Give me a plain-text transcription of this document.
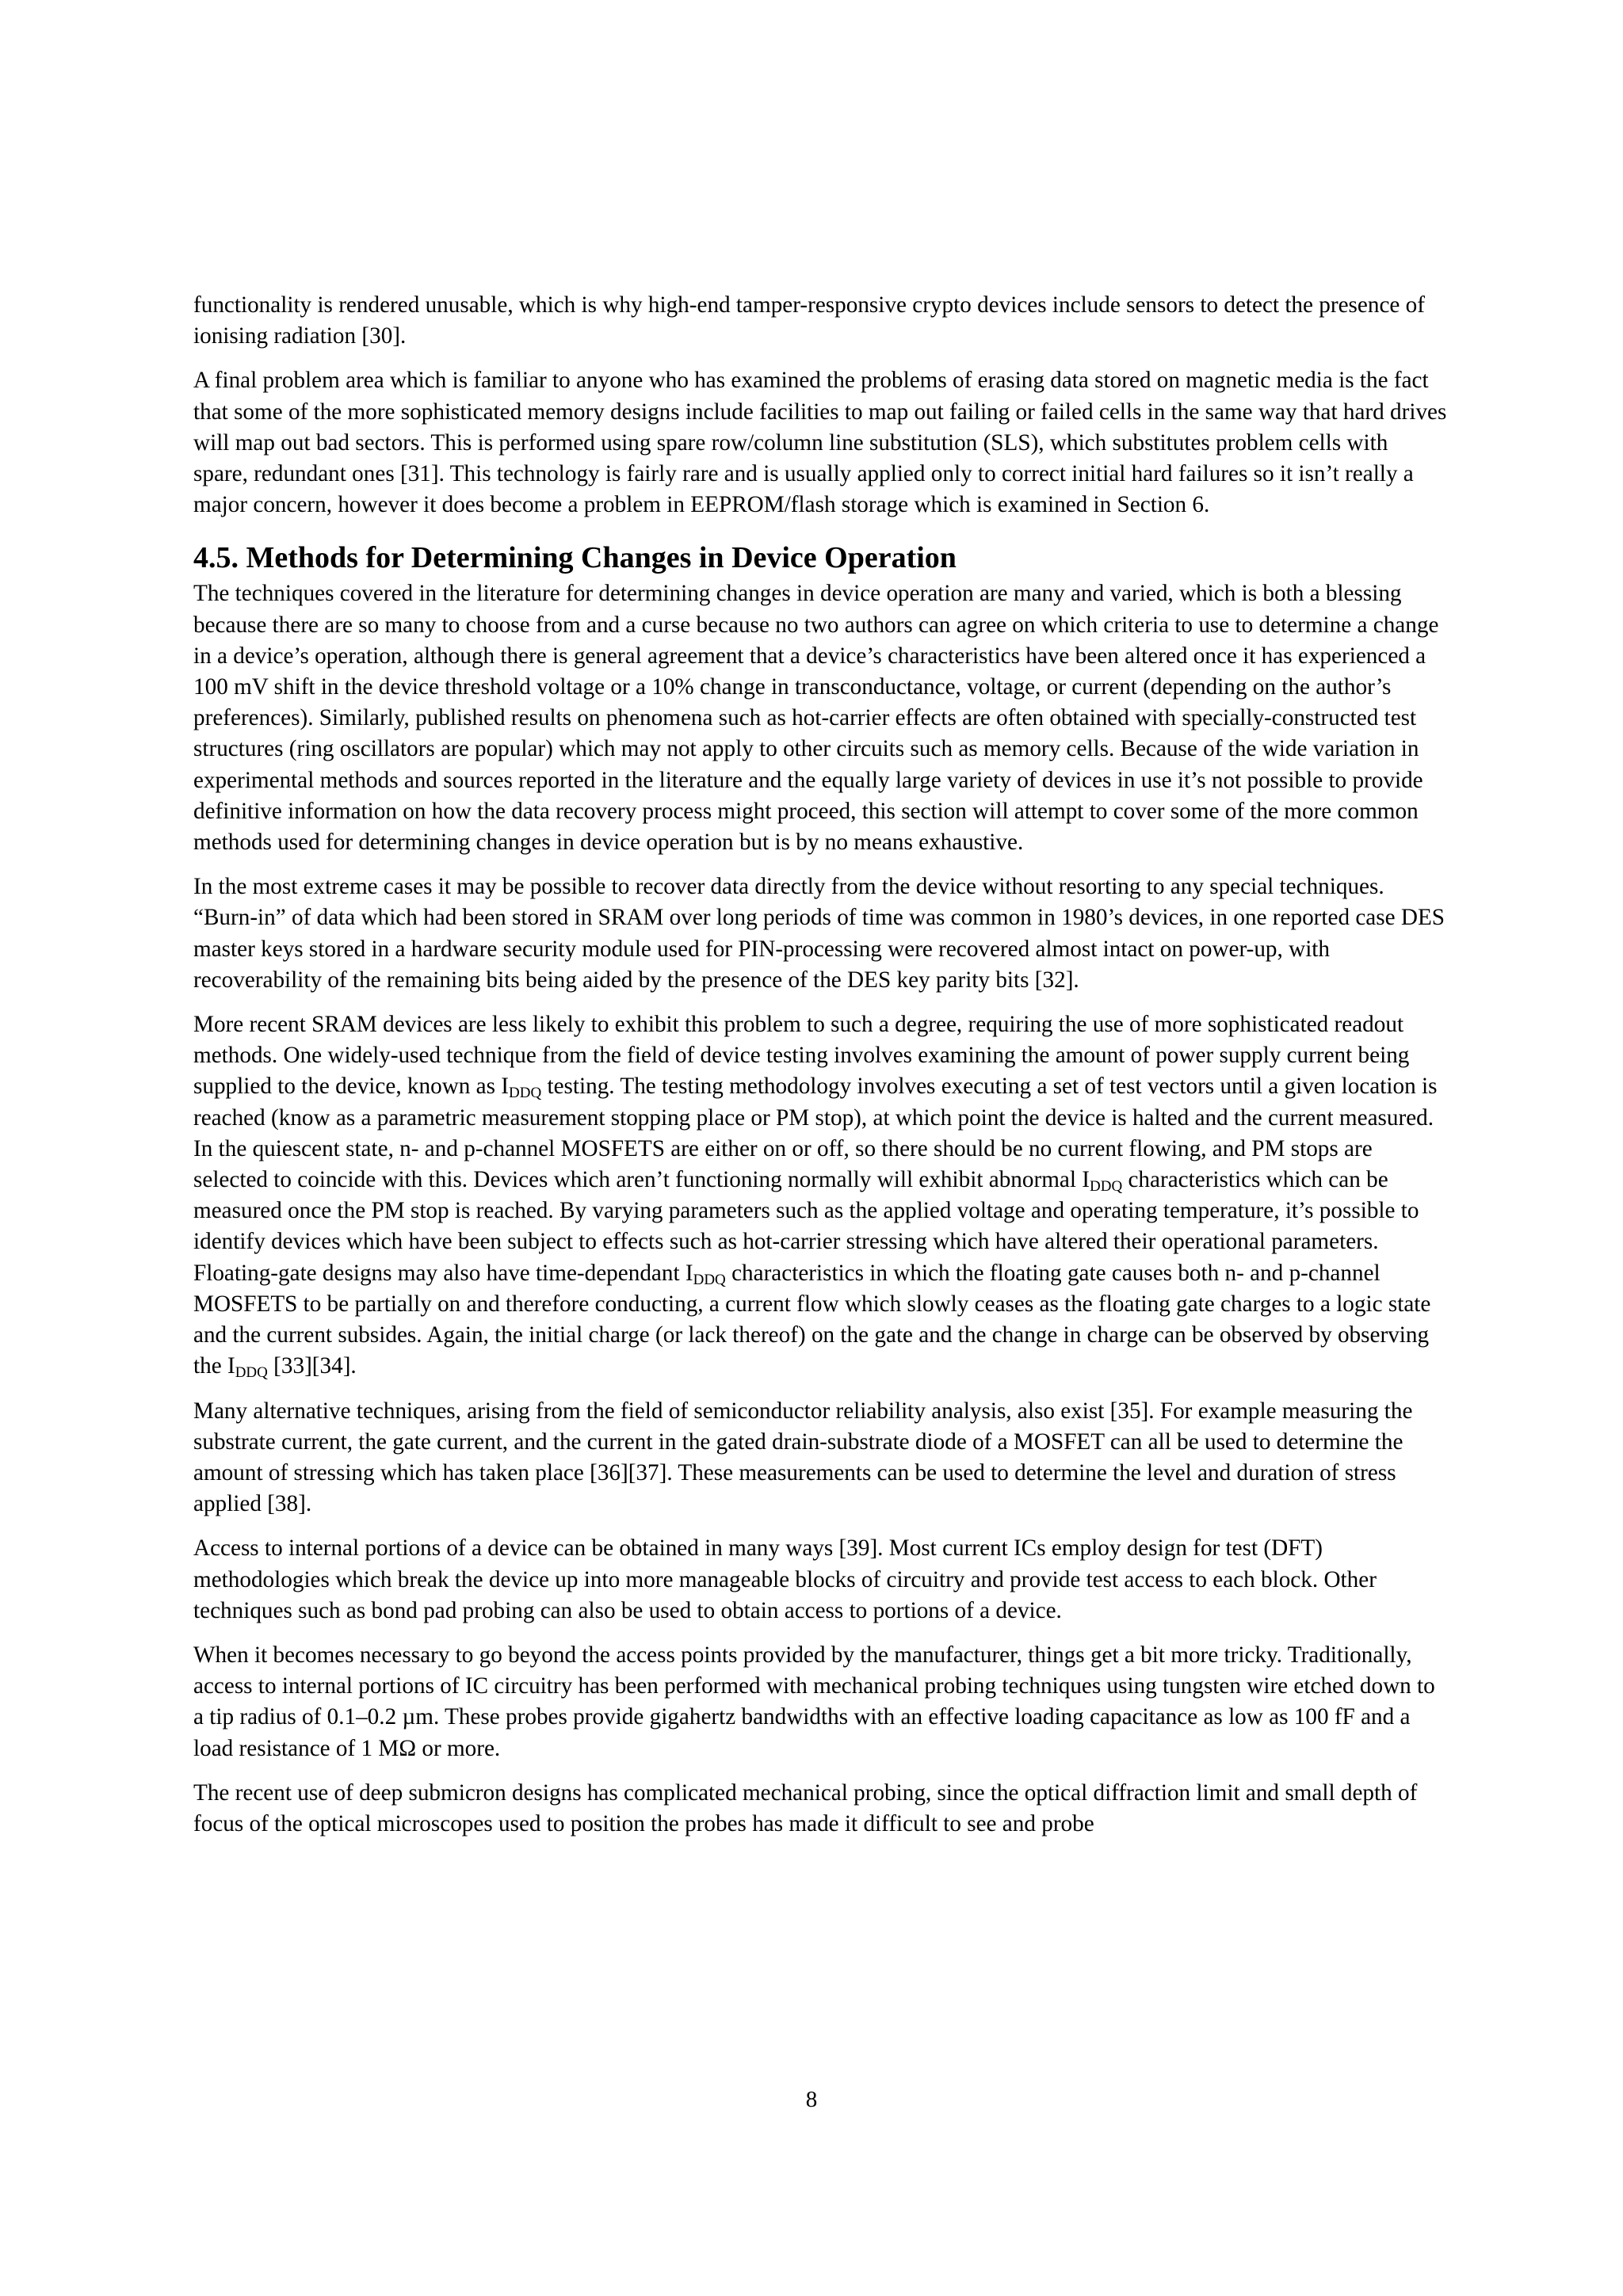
functionality is rendered unusable, which is why high-end tamper-responsive crypto devices include sensors to detect the presence of ionising radiation [30].

A final problem area which is familiar to anyone who has examined the problems of erasing data stored on magnetic media is the fact that some of the more sophisticated memory designs include facilities to map out failing or failed cells in the same way that hard drives will map out bad sectors. This is performed using spare row/column line substitution (SLS), which substitutes problem cells with spare, redundant ones [31]. This technology is fairly rare and is usually applied only to correct initial hard failures so it isn’t really a major concern, however it does become a problem in EEPROM/flash storage which is examined in Section 6.

4.5. Methods for Determining Changes in Device Operation

The techniques covered in the literature for determining changes in device operation are many and varied, which is both a blessing because there are so many to choose from and a curse because no two authors can agree on which criteria to use to determine a change in a device’s operation, although there is general agreement that a device’s characteristics have been altered once it has experienced a 100 mV shift in the device threshold voltage or a 10% change in transconductance, voltage, or current (depending on the author’s preferences). Similarly, published results on phenomena such as hot-carrier effects are often obtained with specially-constructed test structures (ring oscillators are popular) which may not apply to other circuits such as memory cells. Because of the wide variation in experimental methods and sources reported in the literature and the equally large variety of devices in use it’s not possible to provide definitive information on how the data recovery process might proceed, this section will attempt to cover some of the more common methods used for determining changes in device operation but is by no means exhaustive.

In the most extreme cases it may be possible to recover data directly from the device without resorting to any special techniques. “Burn-in” of data which had been stored in SRAM over long periods of time was common in 1980’s devices, in one reported case DES master keys stored in a hardware security module used for PIN-processing were recovered almost intact on power-up, with recoverability of the remaining bits being aided by the presence of the DES key parity bits [32].

More recent SRAM devices are less likely to exhibit this problem to such a degree, requiring the use of more sophisticated readout methods. One widely-used technique from the field of device testing involves examining the amount of power supply current being supplied to the device, known as $I_{DDQ}$ testing. The testing methodology involves executing a set of test vectors until a given location is reached (know as a parametric measurement stopping place or PM stop), at which point the device is halted and the current measured. In the quiescent state, n- and p-channel MOSFETS are either on or off, so there should be no current flowing, and PM stops are selected to coincide with this. Devices which aren’t functioning normally will exhibit abnormal $I_{DDQ}$ characteristics which can be measured once the PM stop is reached. By varying parameters such as the applied voltage and operating temperature, it’s possible to identify devices which have been subject to effects such as hot-carrier stressing which have altered their operational parameters. Floating-gate designs may also have time-dependant $I_{DDQ}$ characteristics in which the floating gate causes both n- and p-channel MOSFETS to be partially on and therefore conducting, a current flow which slowly ceases as the floating gate charges to a logic state and the current subsides. Again, the initial charge (or lack thereof) on the gate and the change in charge can be observed by observing the $I_{DDQ}$ [33][34].

Many alternative techniques, arising from the field of semiconductor reliability analysis, also exist [35]. For example measuring the substrate current, the gate current, and the current in the gated drain-substrate diode of a MOSFET can all be used to determine the amount of stressing which has taken place [36][37]. These measurements can be used to determine the level and duration of stress applied [38].

Access to internal portions of a device can be obtained in many ways [39]. Most current ICs employ design for test (DFT) methodologies which break the device up into more manageable blocks of circuitry and provide test access to each block. Other techniques such as bond pad probing can also be used to obtain access to portions of a device.

When it becomes necessary to go beyond the access points provided by the manufacturer, things get a bit more tricky. Traditionally, access to internal portions of IC circuitry has been performed with mechanical probing techniques using tungsten wire etched down to a tip radius of 0.1–0.2 µm. These probes provide gigahertz bandwidths with an effective loading capacitance as low as 100 fF and a load resistance of 1 MΩ or more.

The recent use of deep submicron designs has complicated mechanical probing, since the optical diffraction limit and small depth of focus of the optical microscopes used to position the probes has made it difficult to see and probe

8
